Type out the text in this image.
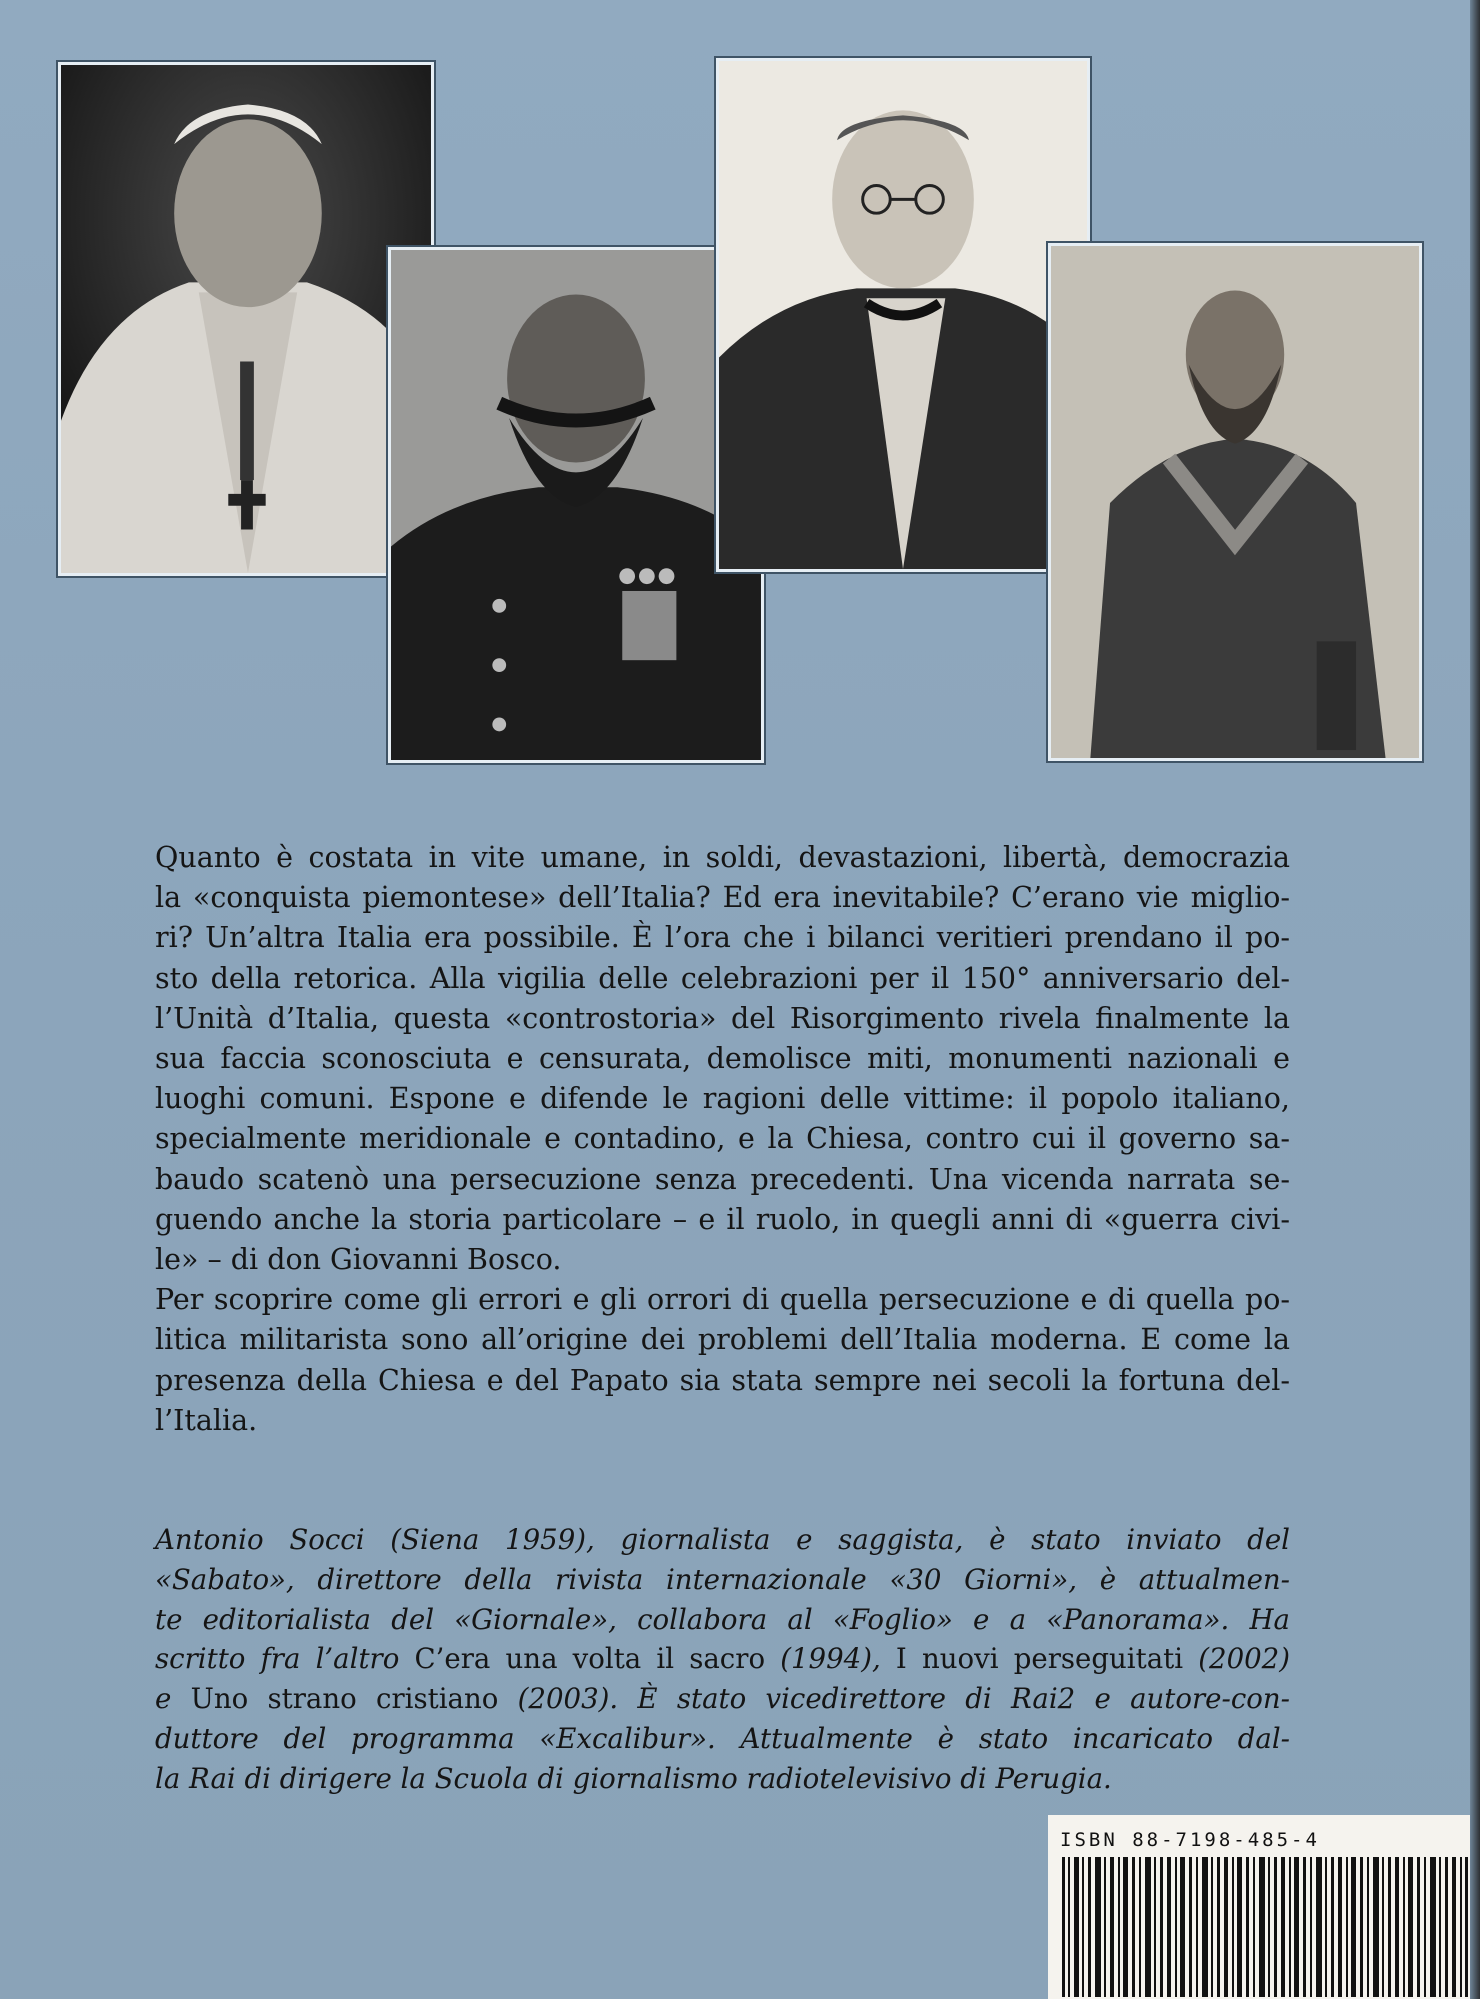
Quanto è costata in vite umane, in soldi, devastazioni, libertà, democrazia

la «conquista piemontese» dell’Italia? Ed era inevitabile? C’erano vie miglio-

ri? Un’altra Italia era possibile. È l’ora che i bilanci veritieri prendano il po-

sto della retorica. Alla vigilia delle celebrazioni per il 150° anniversario del-

l’Unità d’Italia, questa «controstoria» del Risorgimento rivela finalmente la

sua faccia sconosciuta e censurata, demolisce miti, monumenti nazionali e

luoghi comuni. Espone e difende le ragioni delle vittime: il popolo italiano,

specialmente meridionale e contadino, e la Chiesa, contro cui il governo sa-

baudo scatenò una persecuzione senza precedenti. Una vicenda narrata se-

guendo anche la storia particolare – e il ruolo, in quegli anni di «guerra civi-

le» – di don Giovanni Bosco.

Per scoprire come gli errori e gli orrori di quella persecuzione e di quella po-

litica militarista sono all’origine dei problemi dell’Italia moderna. E come la

presenza della Chiesa e del Papato sia stata sempre nei secoli la fortuna del-

l’Italia.

Antonio Socci (Siena 1959), giornalista e saggista, è stato inviato del

«Sabato», direttore della rivista internazionale «30 Giorni», è attualmen-

te editorialista del «Giornale», collabora al «Foglio» e a «Panorama». Ha

scritto fra l’altro C’era una volta il sacro (1994), I nuovi perseguitati (2002)

e Uno strano cristiano (2003). È stato vicedirettore di Rai2 e autore-con-

duttore del programma «Excalibur». Attualmente è stato incaricato dal-

la Rai di dirigere la Scuola di giornalismo radiotelevisivo di Perugia.

ISBN 88-7198-485-4
